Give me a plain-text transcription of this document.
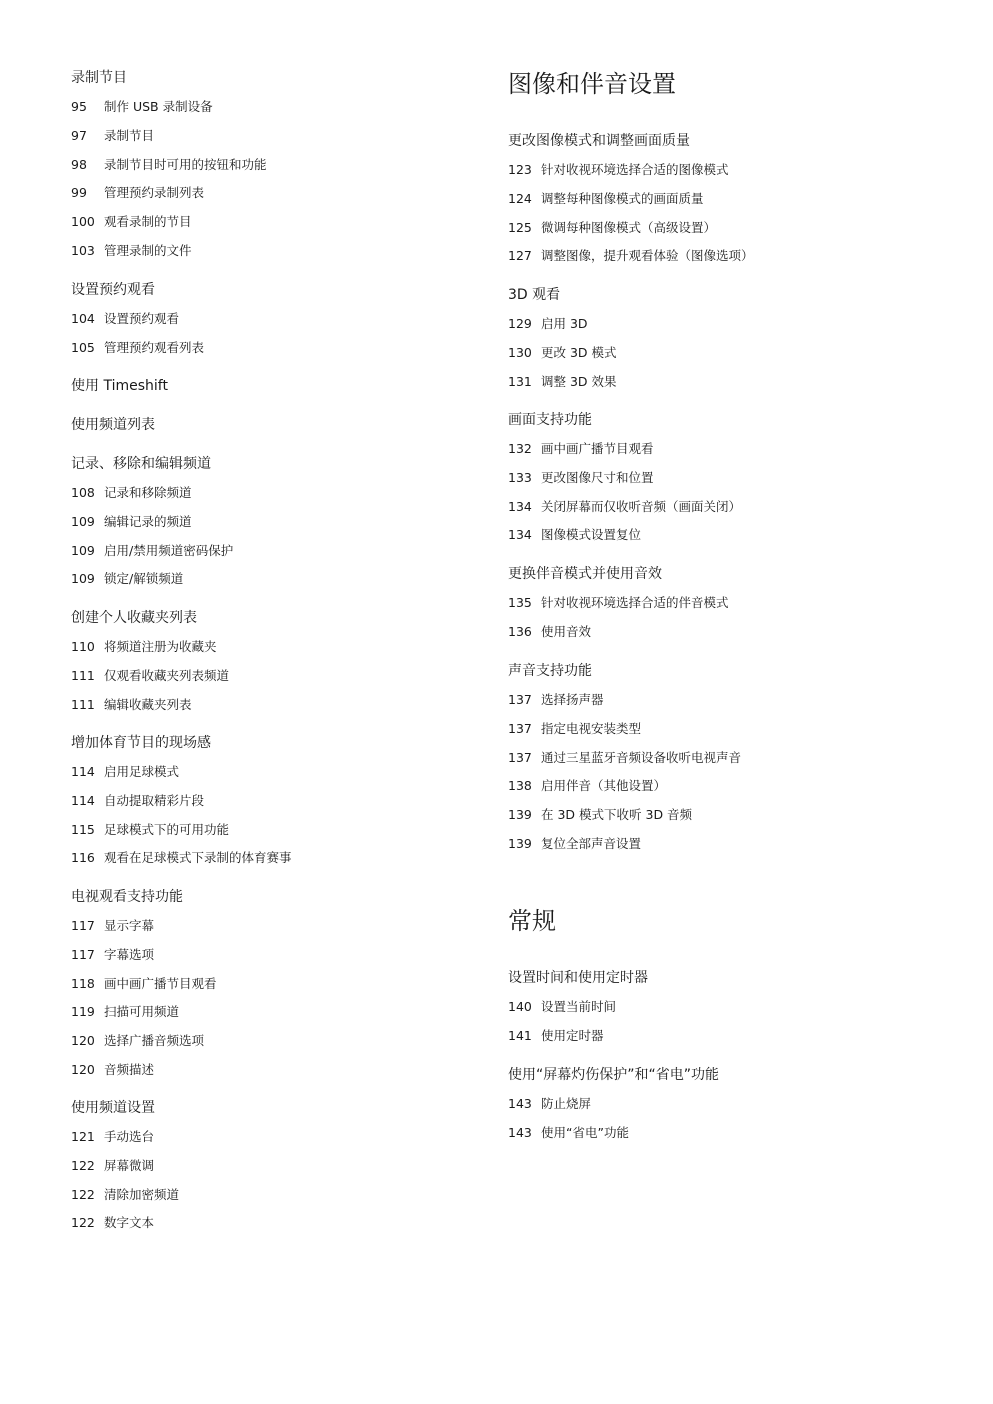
录制节目
95	制作 USB 录制设备
97	录制节目
98	录制节目时可用的按钮和功能
99	管理预约录制列表
100 观看录制的节目
103 管理录制的文件
设置预约观看
104 设置预约观看
105 管理预约观看列表
使用 Timeshift
使用频道列表
记录、移除和编辑频道
108 记录和移除频道
109 编辑记录的频道
109 启用/禁用频道密码保护
109 锁定/解锁频道
创建个人收藏夹列表
110 将频道注册为收藏夹
111 仅观看收藏夹列表频道
111 编辑收藏夹列表
增加体育节目的现场感
114 启用足球模式
114 自动提取精彩片段
115 足球模式下的可用功能
116 观看在足球模式下录制的体育赛事
电视观看支持功能
117 显示字幕
117 字幕选项
118 画中画广播节目观看
119 扫描可用频道
120 选择广播音频选项
120 音频描述
使用频道设置
121 手动选台
122 屏幕微调
122 清除加密频道
122 数字文本
图像和伴音设置
更改图像模式和调整画面质量
123 针对收视环境选择合适的图像模式
124 调整每种图像模式的画面质量
125 微调每种图像模式（高级设置）
127 调整图像，提升观看体验（图像选项）
3D 观看
129 启用 3D
130 更改 3D 模式
131 调整 3D 效果
画面支持功能
132 画中画广播节目观看
133 更改图像尺寸和位置
134 关闭屏幕而仅收听音频（画面关闭）
134 图像模式设置复位
更换伴音模式并使用音效
135 针对收视环境选择合适的伴音模式
136 使用音效
声音支持功能
137 选择扬声器
137 指定电视安装类型
137 通过三星蓝牙音频设备收听电视声音
138 启用伴音（其他设置）
139 在 3D 模式下收听 3D 音频
139 复位全部声音设置
常规
设置时间和使用定时器
140 设置当前时间
141 使用定时器
使用“屏幕灼伤保护”和“省电”功能
143 防止烧屏
143 使用“省电”功能
